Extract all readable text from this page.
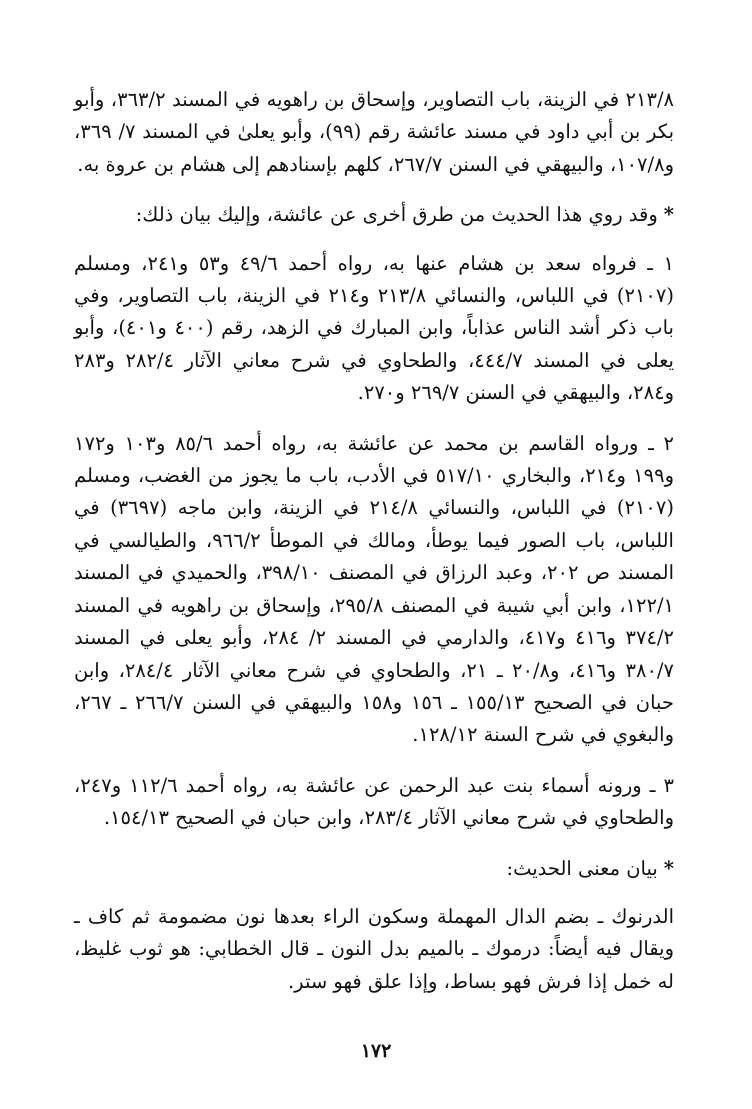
٢١٣/٨ في الزينة، باب التصاوير، وإسحاق بن راهويه في المسند ٣٦٣/٢، وأبو بكر بن أبي داود في مسند عائشة رقم (٩٩)، وأبو يعلىٰ في المسند ٧/ ٣٦٩، و١٠٧/٨، والبيهقي في السنن ٢٦٧/٧، كلهم بإسنادهم إلى هشام بن عروة به.

*وقد روي هذا الحديث من طرق أخرى عن عائشة، وإليك بيان ذلك:

١ ـ فرواه سعد بن هشام عنها به، رواه أحمد ٤٩/٦ و٥٣ و٢٤١، ومسلم (٢١٠٧) في اللباس، والنسائي ٢١٣/٨ و٢١٤ في الزينة، باب التصاوير، وفي باب ذكر أشد الناس عذاباً، وابن المبارك في الزهد، رقم (٤٠٠ و٤٠١)، وأبو يعلى في المسند ٤٤٤/٧، والطحاوي في شرح معاني الآثار ٢٨٢/٤ و٢٨٣ و٢٨٤، والبيهقي في السنن ٢٦٩/٧ و٢٧٠.

٢ ـ ورواه القاسم بن محمد عن عائشة به، رواه أحمد ٨٥/٦ و١٠٣ و١٧٢ و١٩٩ و٢١٤، والبخاري ٥١٧/١٠ في الأدب، باب ما يجوز من الغضب، ومسلم (٢١٠٧) في اللباس، والنسائي ٢١٤/٨ في الزينة، وابن ماجه (٣٦٩٧) في اللباس، باب الصور فيما يوطأ، ومالك في الموطأ ٩٦٦/٢، والطيالسي في المسند ص ٢٠٢، وعبد الرزاق في المصنف ٣٩٨/١٠، والحميدي في المسند ١٢٢/١، وابن أبي شيبة في المصنف ٢٩٥/٨، وإسحاق بن راهويه في المسند ٣٧٤/٢ و٤١٦ و٤١٧، والدارمي في المسند ٢/ ٢٨٤، وأبو يعلى في المسند ٣٨٠/٧ و٤١٦، و٢٠/٨ ـ ٢١، والطحاوي في شرح معاني الآثار ٢٨٤/٤، وابن حبان في الصحيح ١٥٥/١٣ ـ ١٥٦ و١٥٨ والبيهقي في السنن ٢٦٦/٧ ـ ٢٦٧، والبغوي في شرح السنة ١٢٨/١٢.

٣ ـ ورونه أسماء بنت عبد الرحمن عن عائشة به، رواه أحمد ١١٢/٦ و٢٤٧، والطحاوي في شرح معاني الآثار ٢٨٣/٤، وابن حبان في الصحيح ١٥٤/١٣.

*بيان معنى الحديث:

الدرنوك ـ بضم الدال المهملة وسكون الراء بعدها نون مضمومة ثم كاف ـ ويقال فيه أيضاً: درموك ـ بالميم بدل النون ـ قال الخطابي: هو ثوب غليظ، له خمل إذا فرش فهو بساط، وإذا علق فهو ستر.

١٧٢
